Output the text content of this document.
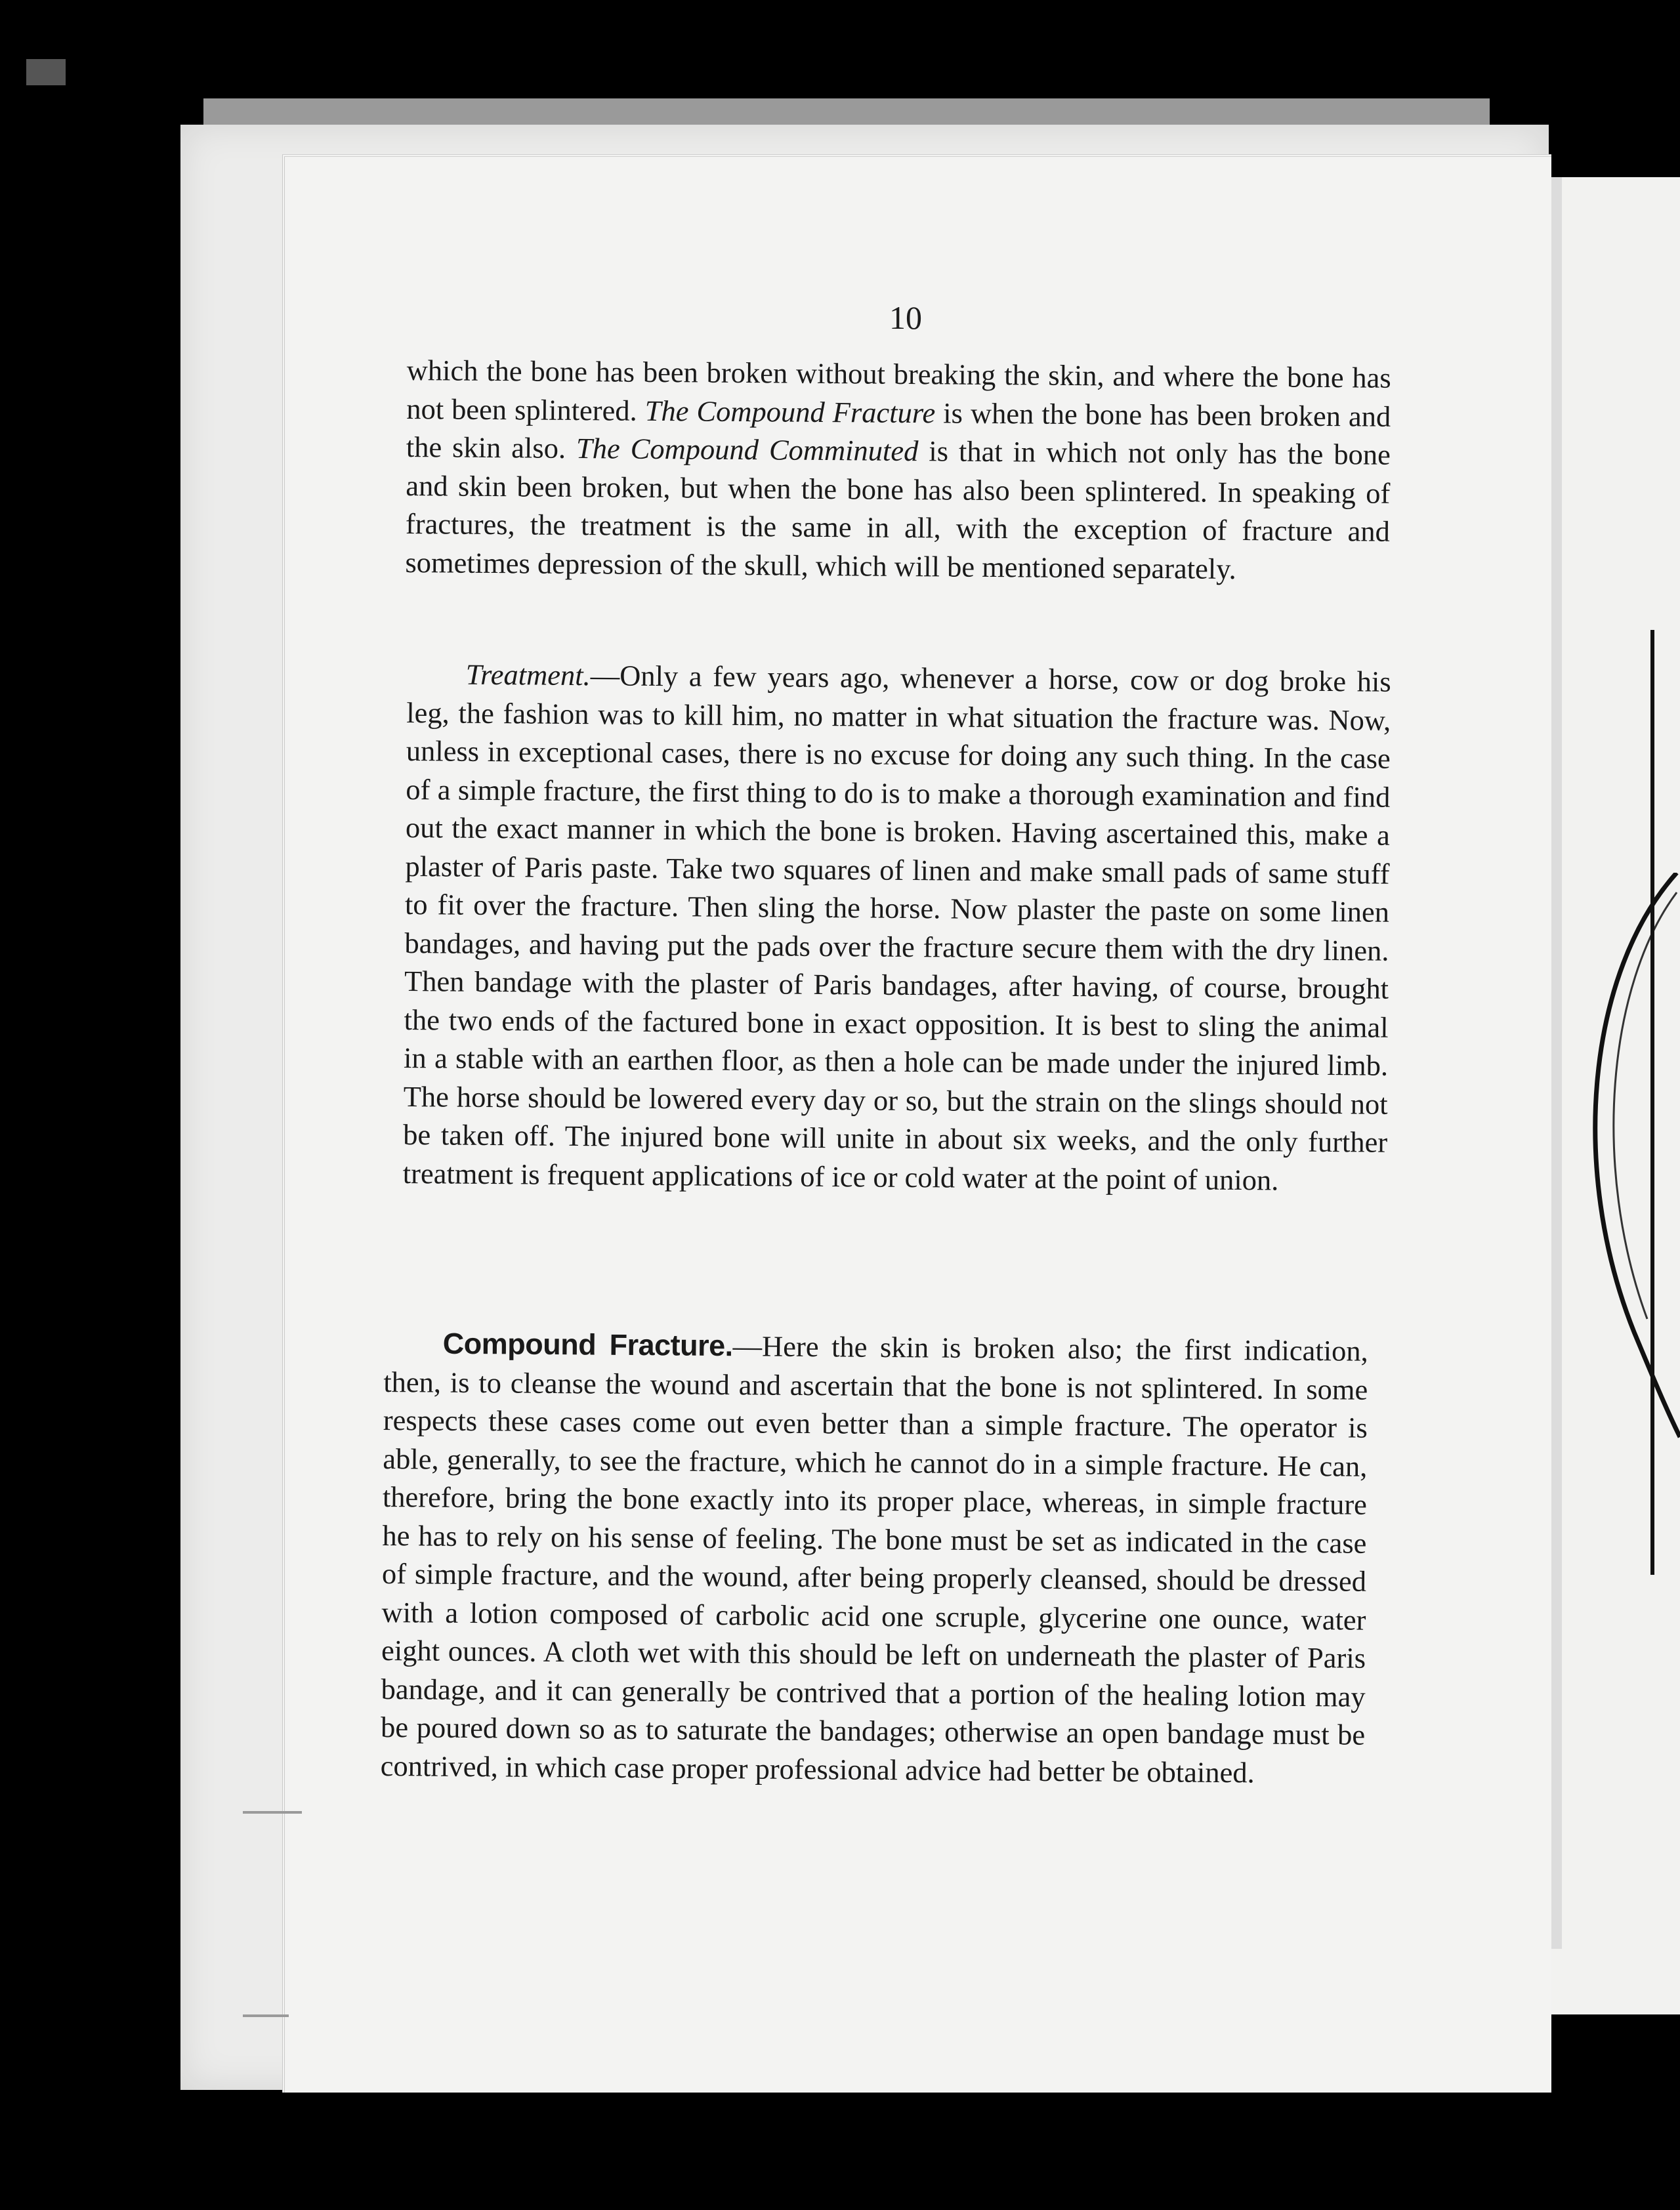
10
which the bone has been broken without breaking the skin, and where the bone has not been splintered. The Compound Fracture is when the bone has been broken and the skin also. The Compound Comminuted is that in which not only has the bone and skin been broken, but when the bone has also been splintered. In speaking of fractures, the treatment is the same in all, with the exception of fracture and sometimes depression of the skull, which will be mentioned separately.
Treatment.—Only a few years ago, whenever a horse, cow or dog broke his leg, the fashion was to kill him, no matter in what situation the fracture was. Now, unless in exceptional cases, there is no excuse for doing any such thing. In the case of a simple fracture, the first thing to do is to make a thorough examination and find out the exact manner in which the bone is broken. Having ascertained this, make a plaster of Paris paste. Take two squares of linen and make small pads of same stuff to fit over the fracture. Then sling the horse. Now plaster the paste on some linen bandages, and having put the pads over the fracture secure them with the dry linen. Then bandage with the plaster of Paris bandages, after having, of course, brought the two ends of the factured bone in exact opposition. It is best to sling the animal in a stable with an earthen floor, as then a hole can be made under the injured limb. The horse should be lowered every day or so, but the strain on the slings should not be taken off. The injured bone will unite in about six weeks, and the only further treatment is frequent applications of ice or cold water at the point of union.
Compound Fracture.—Here the skin is broken also; the first indication, then, is to cleanse the wound and ascertain that the bone is not splintered. In some respects these cases come out even better than a simple fracture. The operator is able, generally, to see the fracture, which he cannot do in a simple fracture. He can, therefore, bring the bone exactly into its proper place, whereas, in simple fracture he has to rely on his sense of feeling. The bone must be set as indicated in the case of simple fracture, and the wound, after being properly cleansed, should be dressed with a lotion composed of carbolic acid one scruple, glycerine one ounce, water eight ounces. A cloth wet with this should be left on underneath the plaster of Paris bandage, and it can generally be contrived that a portion of the healing lotion may be poured down so as to saturate the bandages; otherwise an open bandage must be contrived, in which case proper professional advice had better be obtained.
